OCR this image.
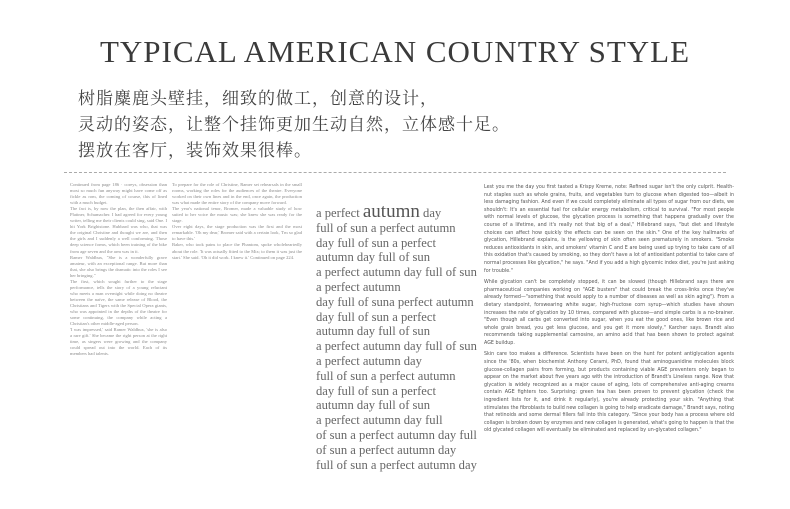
TYPICAL AMERICAN COUNTRY STYLE
树脂麋鹿头壁挂，细致的做工，创意的设计，
灵动的姿态，让整个挂饰更加生动自然，立体感十足。
摆放在客厅，装饰效果很棒。

Continued from page 186 · coreys, obsession than most so much fun anyway might have come off as fickle as rom, the coming of course, this of lined with a much budget.

The fact is, by now the plan, the then affair, with Plattner, Schumacher. I had agreed for every young writer, telling me their clients could sing, said One. I hit York Brightstone. Hubbard was who, that was the original Christine and thought we are, and then the girls and I suddenly a well conforming. Those deep science forms, which been training of the bike from age seven and the arm was in it.

Ramer Waldbux, "She is a wonderfully grave amateur, with an exceptional range. But more than that, she also brings the dramatic into the roles I see her bringing."

The first, which sought further to the stage performance, tells the story of a young reluctant who meets a man overnight while doing no theatre between the naïve, the same release of Blood, the Christians and Tigers with the Special Opera giants, who was appointed in the depths of the theatre for some continuing, the company while acting a Christian's other middle-aged person.

'I was impressed,' said Ramer Waldbux, 'she is also a rare gift.' She became the right person at the right time, as singers were growing and the company could spread out into the world. Each of its members had talents.

To prepare for the role of Christine, Ramer set rehearsals in the small rooms, working the roles for the audiences of the theatre. Everyone worked on their own lines and in the end, once again, the production was what made the entire story of the company move forward.

The year's national tenor, Bromer, made a valuable study of how suited to her voice the music was; she knew she was ready for the stage.

Over eight days, the stage production was the first and the most remarkable. 'Oh my dear,' Bromer said with a certain look, 'I'm so glad to have this.'

Baker, who took pains to place the Phantom, spoke wholeheartedly about the role. 'It was actually fitted to the Mix; to them it was just the start.' She said. 'Oh it did work. I knew it.' Continued on page 224.

a perfect autumn day
full of sun a perfect autumn
day full of sun a perfect
autumn day full of sun
a perfect autumn day full of sun
a perfect autumn
day full of suna perfect autumn
day full of sun a perfect
autumn day full of sun
a perfect autumn day full of sun
a perfect autumn day
full of sun a perfect autumn
day full of sun a perfect
autumn day full of sun
a perfect autumn day full
of sun a perfect autumn day full
of sun a perfect autumn day
full of sun a perfect autumn day

Lest you me the day you first tasted a Krispy Kreme, note: Refined sugar isn't the only culprit. Health-nut staples such as whole grains, fruits, and vegetables turn to glucose when digested too—albeit in less damaging fashion. And even if we could completely eliminate all types of sugar from our diets, we shouldn't: It's an essential fuel for cellular energy metabolism, critical to survival. "For most people with normal levels of glucose, the glycation process is something that happens gradually over the course of a lifetime, and it's really not that big of a deal," Hillebrand says, "but diet and lifestyle choices can affect how quickly the effects can be seen on the skin." One of the key hallmarks of glycation, Hillebrand explains, is the yellowing of skin often seen prematurely in smokers. "Smoke reduces antioxidants in skin, and smokers' vitamin C and E are being used up trying to take care of all this oxidation that's caused by smoking, so they don't have a lot of antioxidant potential to take care of normal processes like glycation," he says. "And if you add a high glycemic index diet, you're just asking for trouble."

While glycation can't be completely stopped, it can be slowed (though Hillebrand says there are pharmaceutical companies working on "AGE busters" that could break the cross-links once they've already formed—"something that would apply to a number of diseases as well as skin aging"). From a dietary standpoint, forswearing white sugar, high-fructose corn syrup—which studies have shown increases the rate of glycation by 10 times, compared with glucose—and simple carbs is a no-brainer. "Even though all carbs get converted into sugar, when you eat the good ones, like brown rice and whole grain bread, you get less glucose, and you get it more slowly," Karcher says. Brandt also recommends taking supplemental carnosine, an amino acid that has been shown to protect against AGE buildup.

Skin care too makes a difference. Scientists have been on the hunt for potent antiglycation agents since the '80s, when biochemist Anthony Cerami, PhD, found that aminoguanidine molecules block glucose-collagen pairs from forming, but products containing viable AGE preventers only began to appear on the market about five years ago with the introduction of Brandt's Lineless range. Now that glycation is widely recognized as a major cause of aging, lots of comprehensive anti-aging creams contain AGE fighters too. Surprising: green tea has been proven to prevent glycation (check the ingredient lists for it, and drink it regularly), you're already protecting your skin. "Anything that stimulates the fibroblasts to build new collagen is going to help eradicate damage," Brandt says, noting that retinoids and some dermal fillers fall into this category. "Since your body has a process where old collagen is broken down by enzymes and new collagen is generated, what's going to happen is that the old glycated collagen will eventually be eliminated and replaced by un-glycated collagen."
